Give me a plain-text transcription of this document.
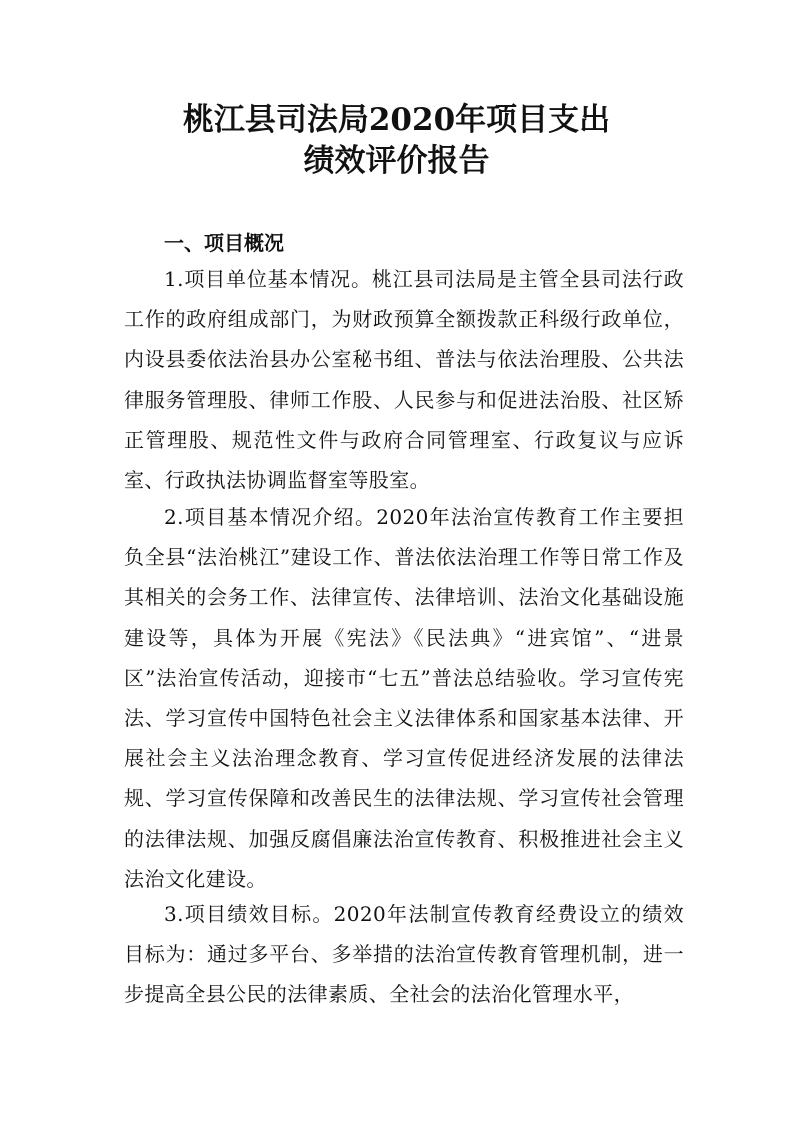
桃江县司法局2020年项目支出
绩效评价报告
一、项目概况
1.项目单位基本情况。桃江县司法局是主管全县司法行政工作的政府组成部门，为财政预算全额拨款正科级行政单位，内设县委依法治县办公室秘书组、普法与依法治理股、公共法律服务管理股、律师工作股、人民参与和促进法治股、社区矫正管理股、规范性文件与政府合同管理室、行政复议与应诉室、行政执法协调监督室等股室。
2.项目基本情况介绍。2020年法治宣传教育工作主要担负全县“法治桃江”建设工作、普法依法治理工作等日常工作及其相关的会务工作、法律宣传、法律培训、法治文化基础设施建设等，具体为开展《宪法》《民法典》“进宾馆”、“进景区”法治宣传活动，迎接市“七五”普法总结验收。学习宣传宪法、学习宣传中国特色社会主义法律体系和国家基本法律、开展社会主义法治理念教育、学习宣传促进经济发展的法律法规、学习宣传保障和改善民生的法律法规、学习宣传社会管理的法律法规、加强反腐倡廉法治宣传教育、积极推进社会主义法治文化建设。
3.项目绩效目标。2020年法制宣传教育经费设立的绩效目标为：通过多平台、多举措的法治宣传教育管理机制，进一步提高全县公民的法律素质、全社会的法治化管理水平，
